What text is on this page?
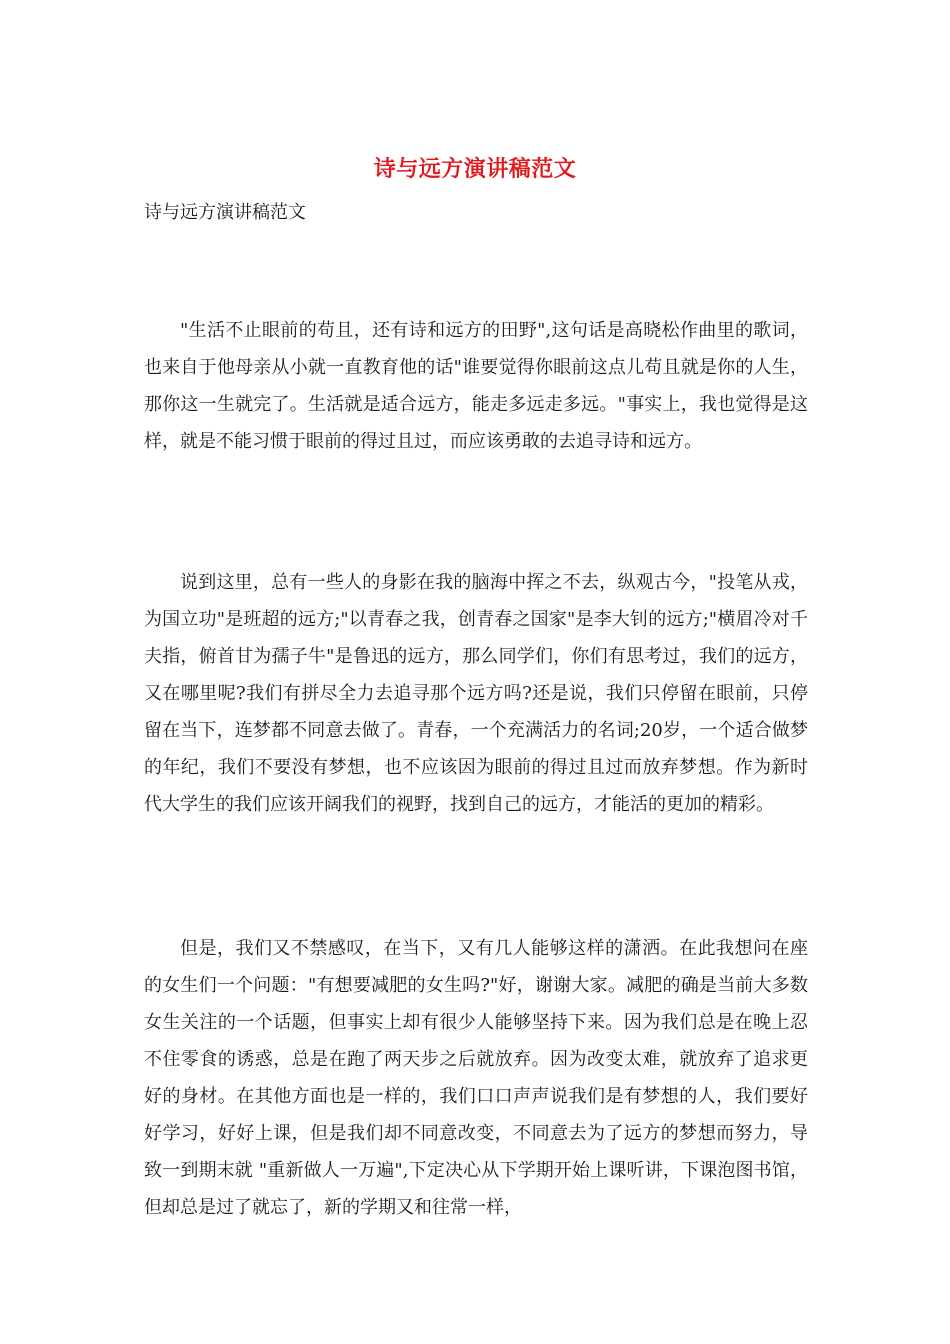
诗与远方演讲稿范文
诗与远方演讲稿范文

"生活不止眼前的苟且，还有诗和远方的田野",这句话是高晓松作曲里的歌词，也来自于他母亲从小就一直教育他的话"谁要觉得你眼前这点儿苟且就是你的人生，那你这一生就完了。生活就是适合远方，能走多远走多远。"事实上，我也觉得是这样，就是不能习惯于眼前的得过且过，而应该勇敢的去追寻诗和远方。

说到这里，总有一些人的身影在我的脑海中挥之不去，纵观古今，"投笔从戎，为国立功"是班超的远方;"以青春之我，创青春之国家"是李大钊的远方;"横眉冷对千夫指，俯首甘为孺子牛"是鲁迅的远方，那么同学们，你们有思考过，我们的远方，又在哪里呢?我们有拼尽全力去追寻那个远方吗?还是说，我们只停留在眼前，只停留在当下，连梦都不同意去做了。青春，一个充满活力的名词;20岁，一个适合做梦的年纪，我们不要没有梦想，也不应该因为眼前的得过且过而放弃梦想。作为新时代大学生的我们应该开阔我们的视野，找到自己的远方，才能活的更加的精彩。

但是，我们又不禁感叹，在当下，又有几人能够这样的潇洒。在此我想问在座的女生们一个问题："有想要减肥的女生吗?"好，谢谢大家。减肥的确是当前大多数女生关注的一个话题，但事实上却有很少人能够坚持下来。因为我们总是在晚上忍不住零食的诱惑，总是在跑了两天步之后就放弃。因为改变太难，就放弃了追求更好的身材。在其他方面也是一样的，我们口口声声说我们是有梦想的人，我们要好好学习，好好上课，但是我们却不同意改变，不同意去为了远方的梦想而努力，导致一到期末就 "重新做人一万遍",下定决心从下学期开始上课听讲，下课泡图书馆，但却总是过了就忘了，新的学期又和往常一样，
